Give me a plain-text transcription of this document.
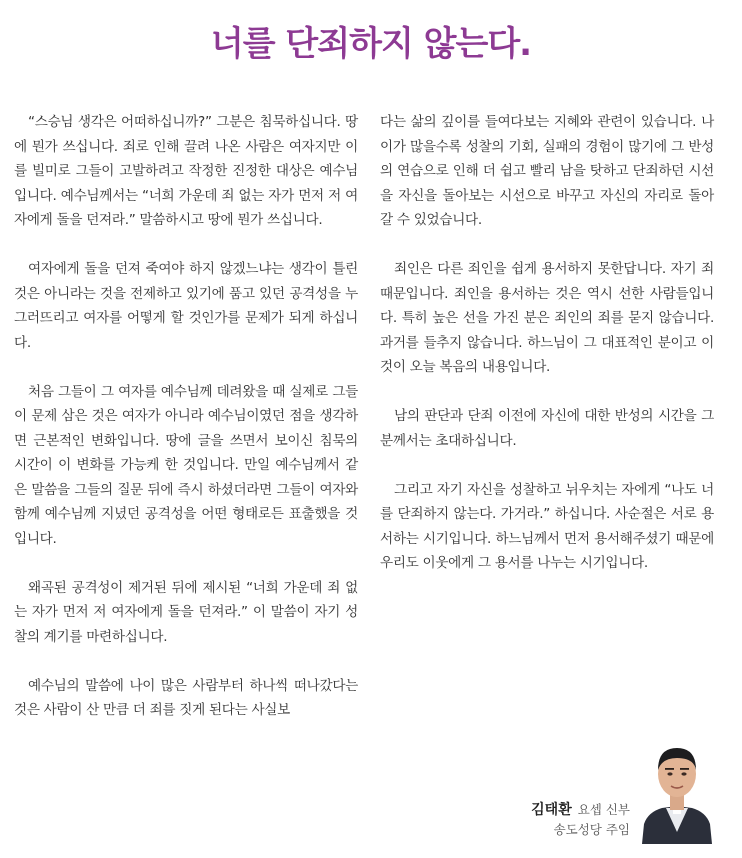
너를 단죄하지 않는다.

“스승님 생각은 어떠하십니까?” 그분은 침묵하십니다. 땅에 뭔가 쓰십니다. 죄로 인해 끌려 나온 사람은 여자지만 이를 빌미로 그들이 고발하려고 작정한 진정한 대상은 예수님입니다. 예수님께서는 “너희 가운데 죄 없는 자가 먼저 저 여자에게 돌을 던져라.” 말씀하시고 땅에 뭔가 쓰십니다.

여자에게 돌을 던져 죽여야 하지 않겠느냐는 생각이 틀린 것은 아니라는 것을 전제하고 있기에 품고 있던 공격성을 누그러뜨리고 여자를 어떻게 할 것인가를 문제가 되게 하십니다.

처음 그들이 그 여자를 예수님께 데려왔을 때 실제로 그들이 문제 삼은 것은 여자가 아니라 예수님이였던 점을 생각하면 근본적인 변화입니다. 땅에 글을 쓰면서 보이신 침묵의 시간이 이 변화를 가능케 한 것입니다. 만일 예수님께서 같은 말씀을 그들의 질문 뒤에 즉시 하셨더라면 그들이 여자와 함께 예수님께 지녔던 공격성을 어떤 형태로든 표출했을 것입니다.

왜곡된 공격성이 제거된 뒤에 제시된 “너희 가운데 죄 없는 자가 먼저 저 여자에게 돌을 던져라.” 이 말씀이 자기 성찰의 계기를 마련하십니다.

예수님의 말씀에 나이 많은 사람부터 하나씩 떠나갔다는 것은 사람이 산 만큼 더 죄를 짓게 된다는 사실보

다는 삶의 깊이를 들여다보는 지혜와 관련이 있습니다. 나이가 많을수록 성찰의 기회, 실패의 경험이 많기에 그 반성의 연습으로 인해 더 쉽고 빨리 남을 탓하고 단죄하던 시선을 자신을 돌아보는 시선으로 바꾸고 자신의 자리로 돌아갈 수 있었습니다.

죄인은 다른 죄인을 쉽게 용서하지 못한답니다. 자기 죄 때문입니다. 죄인을 용서하는 것은 역시 선한 사람들입니다. 특히 높은 선을 가진 분은 죄인의 죄를 묻지 않습니다. 과거를 들추지 않습니다. 하느님이 그 대표적인 분이고 이것이 오늘 복음의 내용입니다.

남의 판단과 단죄 이전에 자신에 대한 반성의 시간을 그분께서는 초대하십니다.

그리고 자기 자신을 성찰하고 뉘우치는 자에게 “나도 너를 단죄하지 않는다. 가거라.” 하십니다. 사순절은 서로 용서하는 시기입니다. 하느님께서 먼저 용서해주셨기 때문에 우리도 이웃에게 그 용서를 나누는 시기입니다.

김태환 요셉 신부
송도성당 주임
